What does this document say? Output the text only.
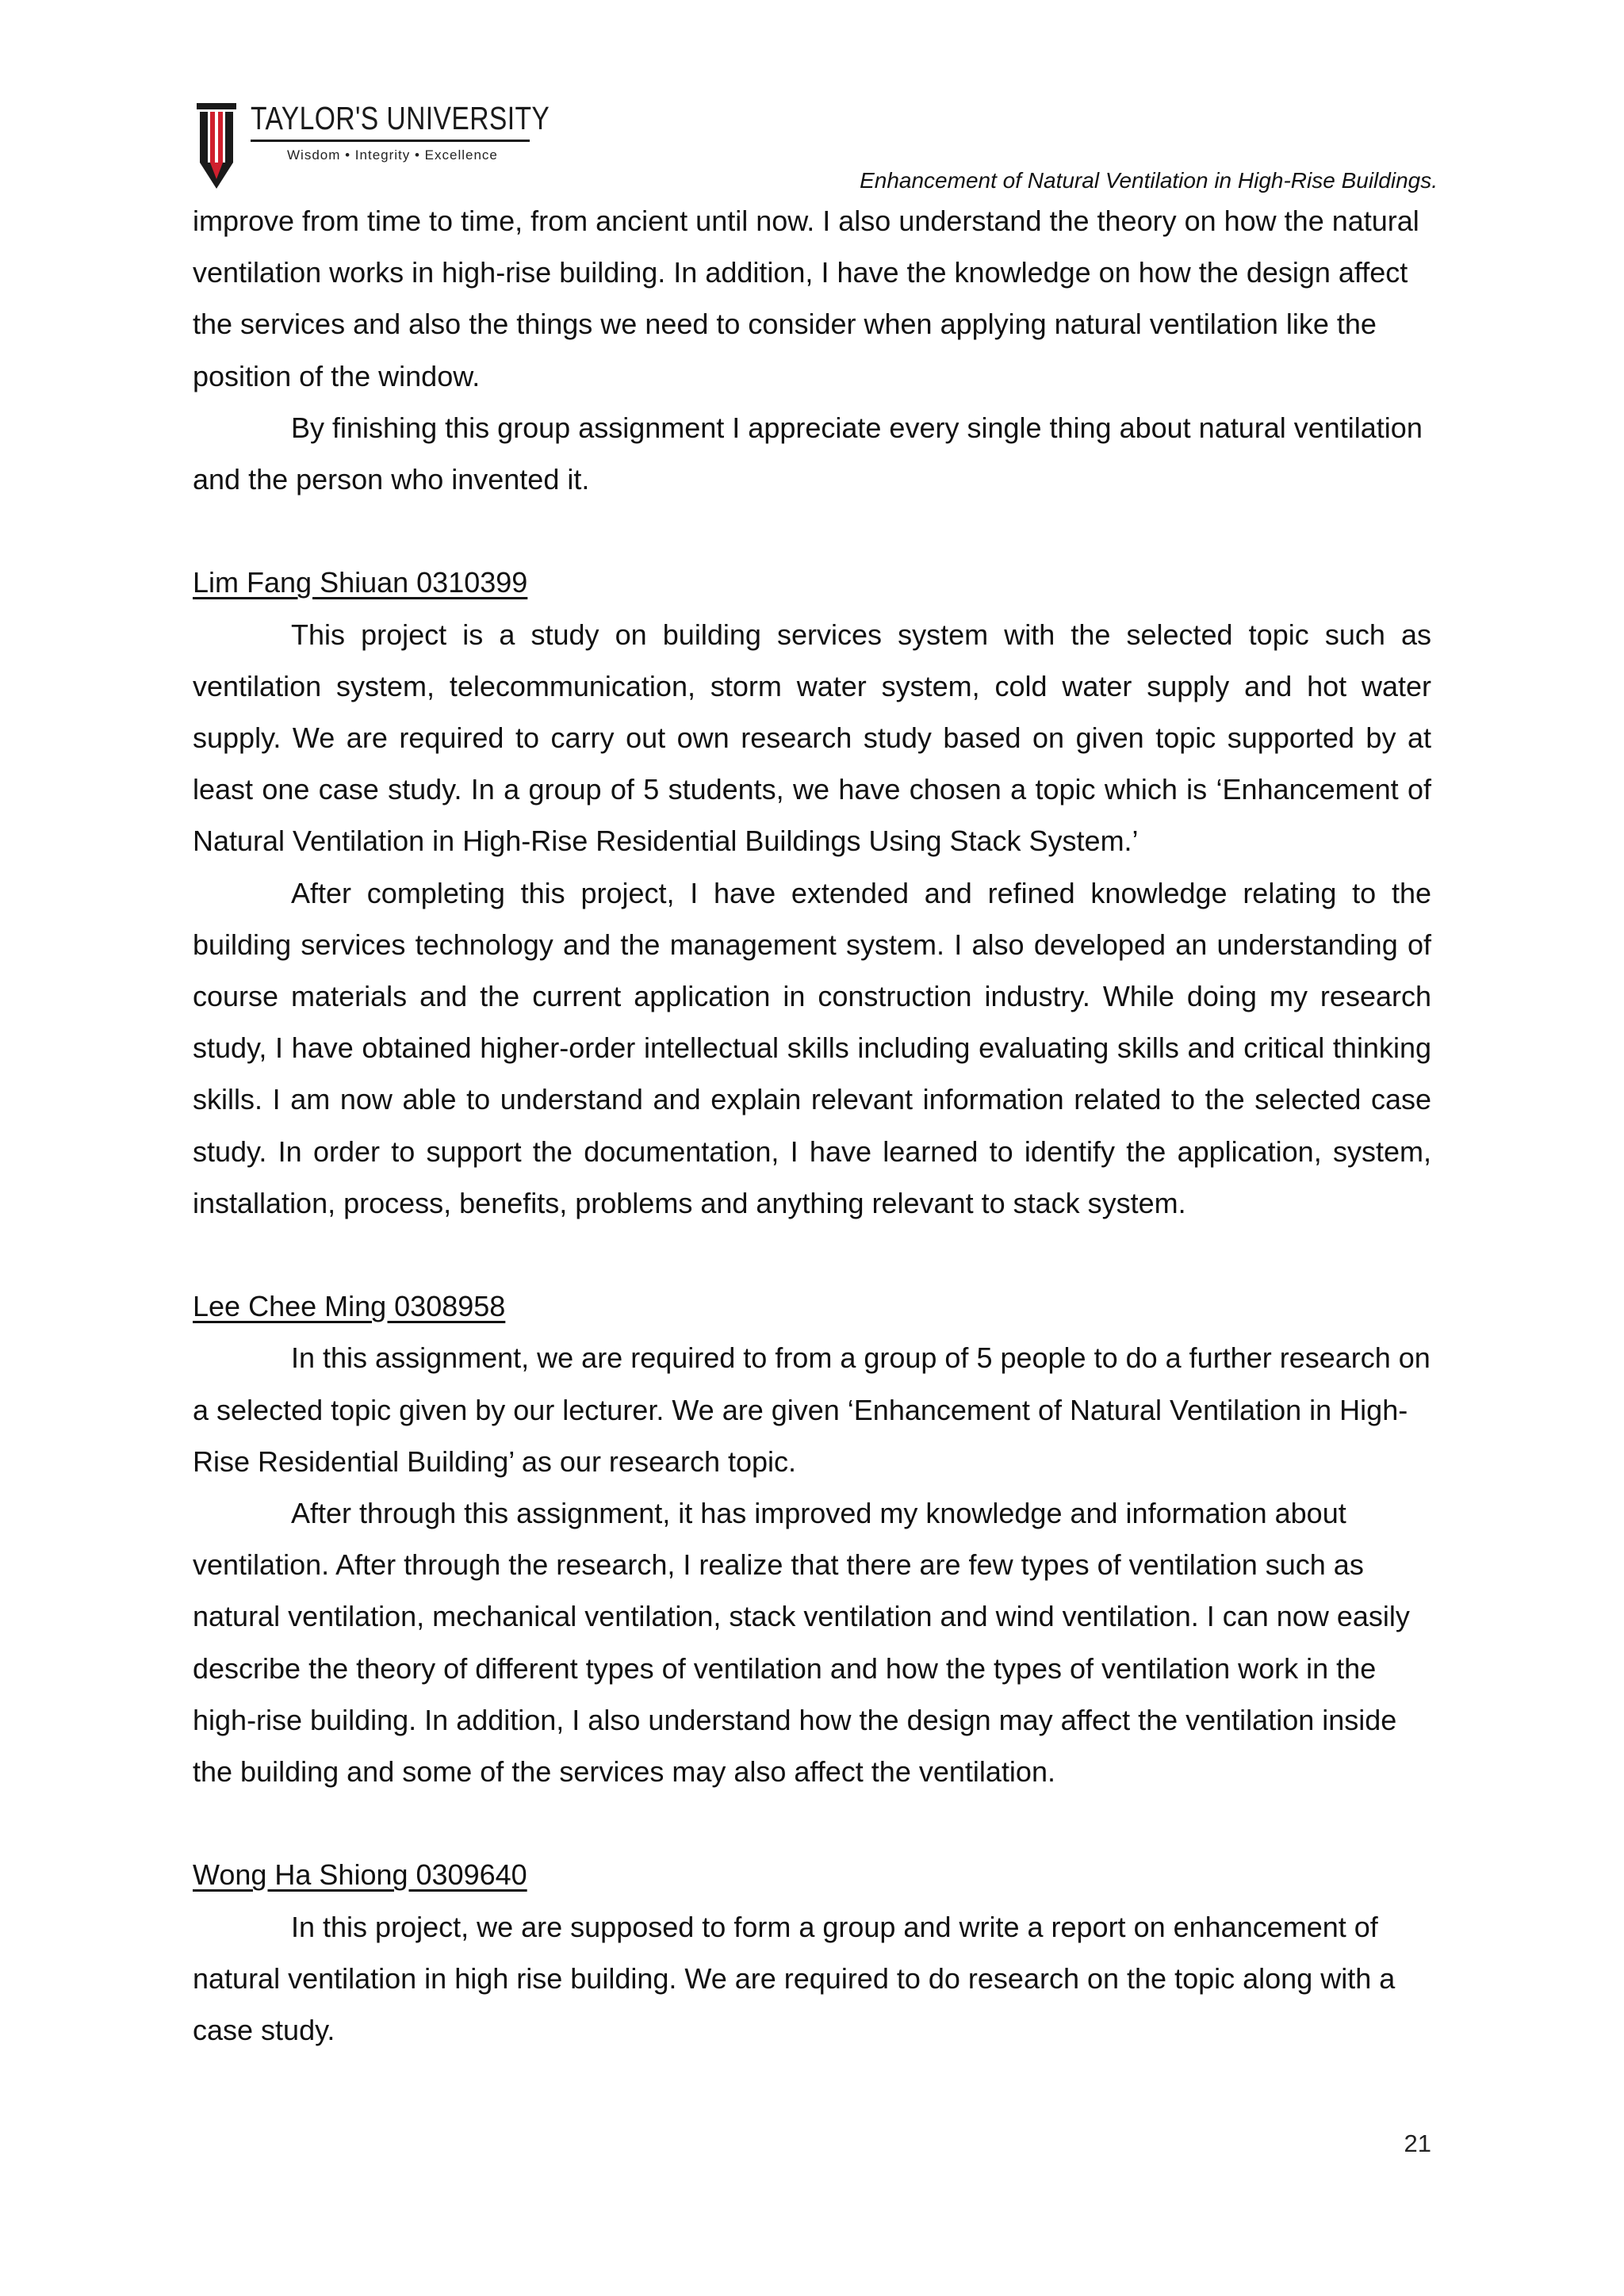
TAYLOR'S UNIVERSITY
Wisdom • Integrity • Excellence
Enhancement of Natural Ventilation in High-Rise Buildings.

improve from time to time, from ancient until now. I also understand the theory on how the natural ventilation works in high-rise building. In addition, I have the knowledge on how the design affect the services and also the things we need to consider when applying natural ventilation like the position of the window.

By finishing this group assignment I appreciate every single thing about natural ventilation and the person who invented it.

Lim Fang Shiuan 0310399

This project is a study on building services system with the selected topic such as ventilation system, telecommunication, storm water system, cold water supply and hot water supply. We are required to carry out own research study based on given topic supported by at least one case study. In a group of 5 students, we have chosen a topic which is ‘Enhancement of Natural Ventilation in High-Rise Residential Buildings Using Stack System.’

After completing this project, I have extended and refined knowledge relating to the building services technology and the management system. I also developed an understanding of course materials and the current application in construction industry. While doing my research study, I have obtained higher-order intellectual skills including evaluating skills and critical thinking skills. I am now able to understand and explain relevant information related to the selected case study. In order to support the documentation, I have learned to identify the application, system, installation, process, benefits, problems and anything relevant to stack system.

Lee Chee Ming 0308958

In this assignment, we are required to from a group of 5 people to do a further research on a selected topic given by our lecturer. We are given ‘Enhancement of Natural Ventilation in High-Rise Residential Building’ as our research topic.

After through this assignment, it has improved my knowledge and information about ventilation. After through the research, I realize that there are few types of ventilation such as natural ventilation, mechanical ventilation, stack ventilation and wind ventilation. I can now easily describe the theory of different types of ventilation and how the types of ventilation work in the high-rise building. In addition, I also understand how the design may affect the ventilation inside the building and some of the services may also affect the ventilation.

Wong Ha Shiong 0309640

In this project, we are supposed to form a group and write a report on enhancement of natural ventilation in high rise building. We are required to do research on the topic along with a case study.

21
